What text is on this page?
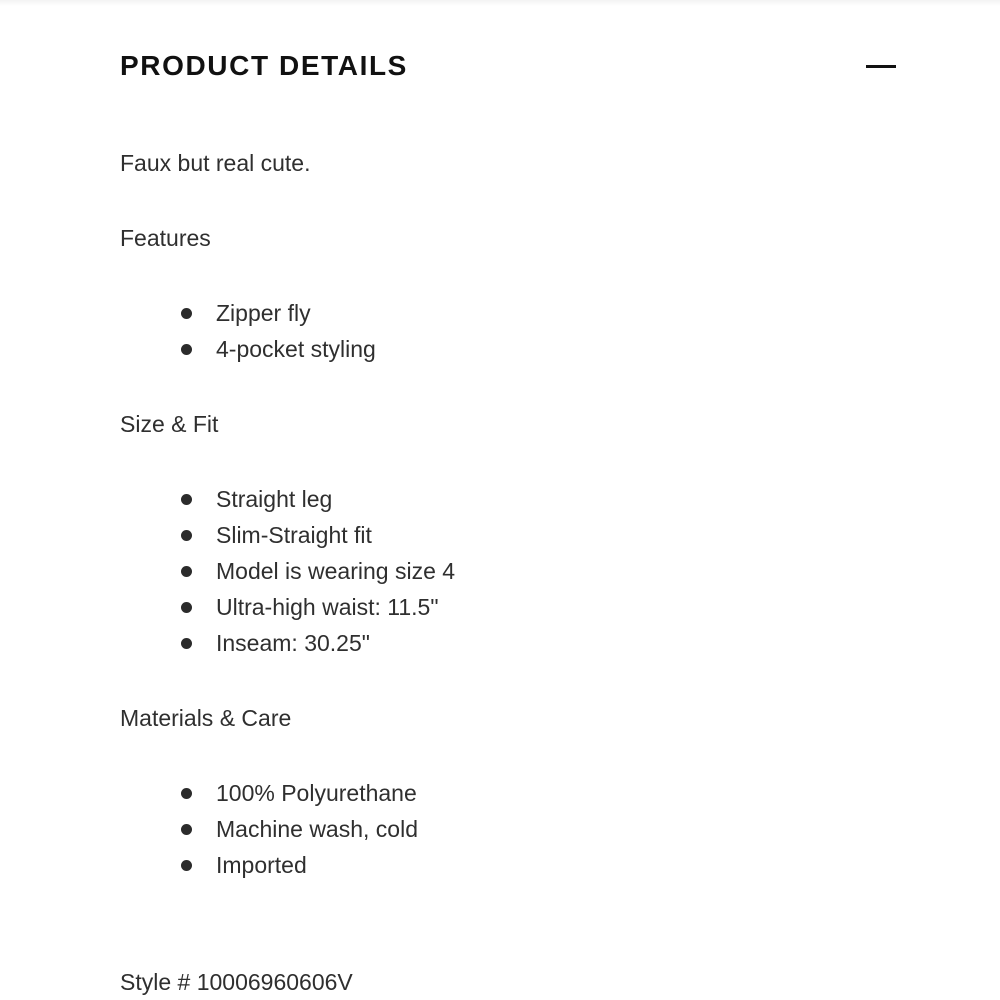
PRODUCT DETAILS
Faux but real cute.
Features
Zipper fly
4-pocket styling
Size & Fit
Straight leg
Slim-Straight fit
Model is wearing size 4
Ultra-high waist: 11.5"
Inseam: 30.25"
Materials & Care
100% Polyurethane
Machine wash, cold
Imported
Style # 10006960606V
